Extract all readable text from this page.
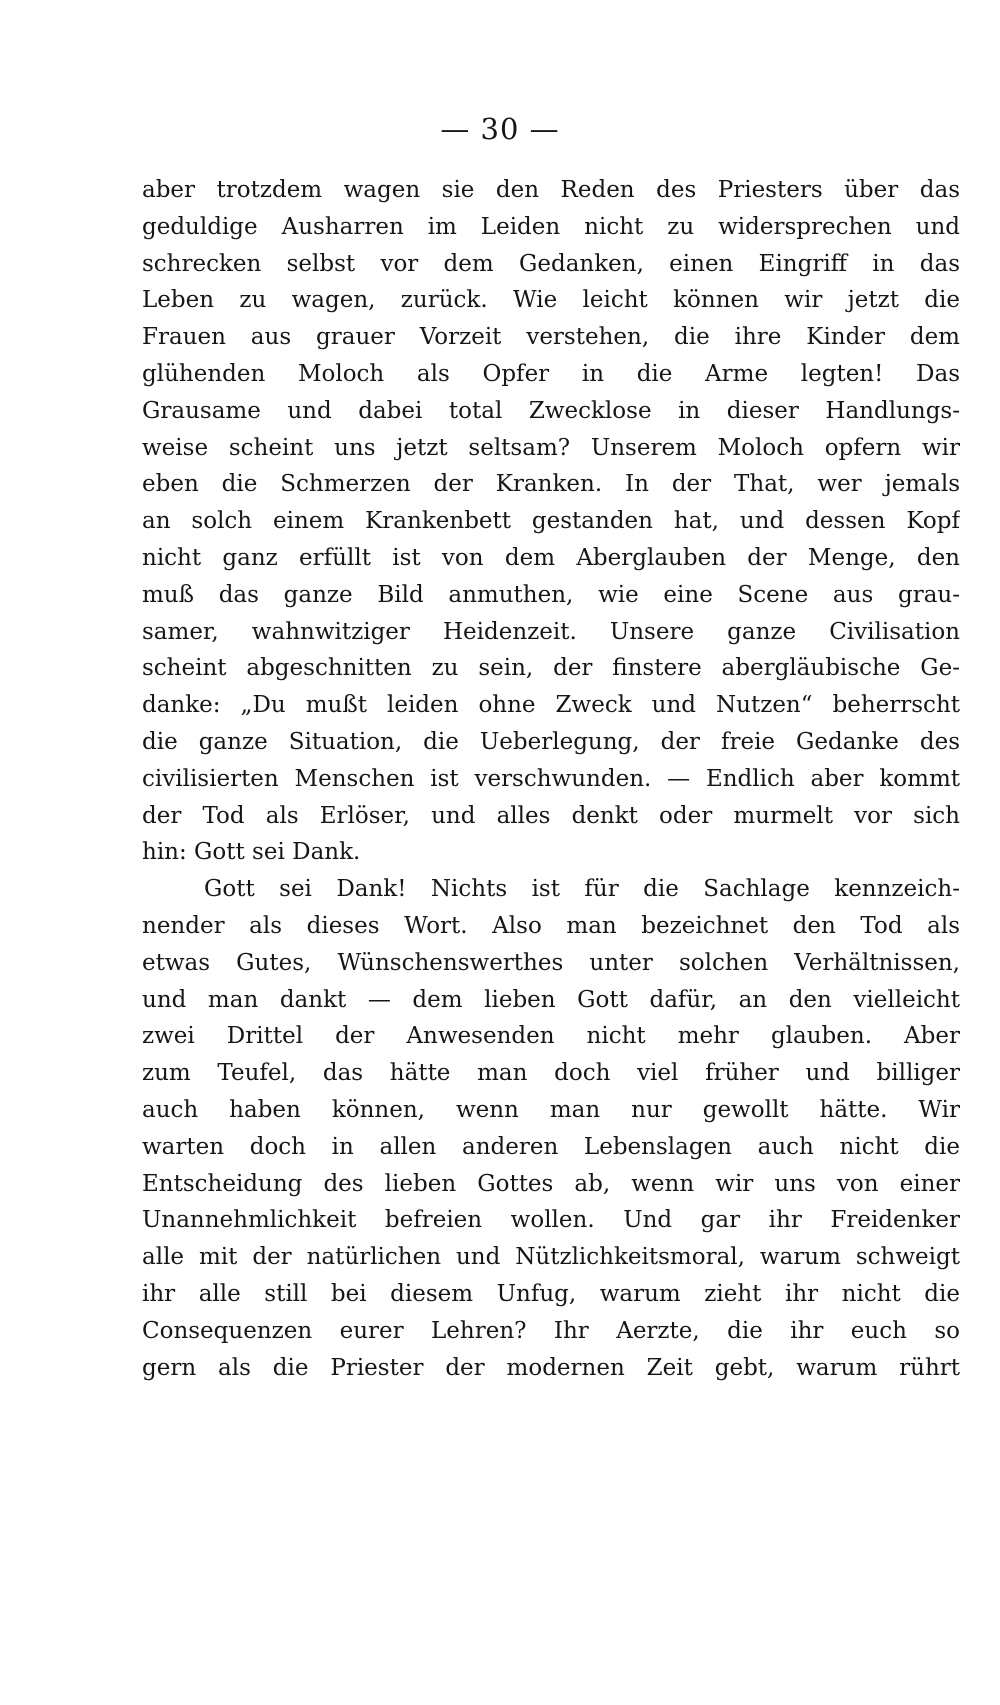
— 30 —
aber trotzdem wagen sie den Reden des Priesters über das
geduldige Ausharren im Leiden nicht zu widersprechen und
schrecken selbst vor dem Gedanken, einen Eingriff in das
Leben zu wagen, zurück. Wie leicht können wir jetzt die
Frauen aus grauer Vorzeit verstehen, die ihre Kinder dem
glühenden Moloch als Opfer in die Arme legten! Das
Grausame und dabei total Zwecklose in dieser Handlungs-
weise scheint uns jetzt seltsam? Unserem Moloch opfern wir
eben die Schmerzen der Kranken. In der That, wer jemals
an solch einem Krankenbett gestanden hat, und dessen Kopf
nicht ganz erfüllt ist von dem Aberglauben der Menge, den
muß das ganze Bild anmuthen, wie eine Scene aus grau-
samer, wahnwitziger Heidenzeit. Unsere ganze Civilisation
scheint abgeschnitten zu sein, der finstere abergläubische Ge-
danke: „Du mußt leiden ohne Zweck und Nutzen“ beherrscht
die ganze Situation, die Ueberlegung, der freie Gedanke des
civilisierten Menschen ist verschwunden. — Endlich aber kommt
der Tod als Erlöser, und alles denkt oder murmelt vor sich
hin: Gott sei Dank.
Gott sei Dank! Nichts ist für die Sachlage kennzeich-
nender als dieses Wort. Also man bezeichnet den Tod als
etwas Gutes, Wünschenswerthes unter solchen Verhältnissen,
und man dankt — dem lieben Gott dafür, an den vielleicht
zwei Drittel der Anwesenden nicht mehr glauben. Aber
zum Teufel, das hätte man doch viel früher und billiger
auch haben können, wenn man nur gewollt hätte. Wir
warten doch in allen anderen Lebenslagen auch nicht die
Entscheidung des lieben Gottes ab, wenn wir uns von einer
Unannehmlichkeit befreien wollen. Und gar ihr Freidenker
alle mit der natürlichen und Nützlichkeitsmoral, warum schweigt
ihr alle still bei diesem Unfug, warum zieht ihr nicht die
Consequenzen eurer Lehren? Ihr Aerzte, die ihr euch so
gern als die Priester der modernen Zeit gebt, warum rührt
